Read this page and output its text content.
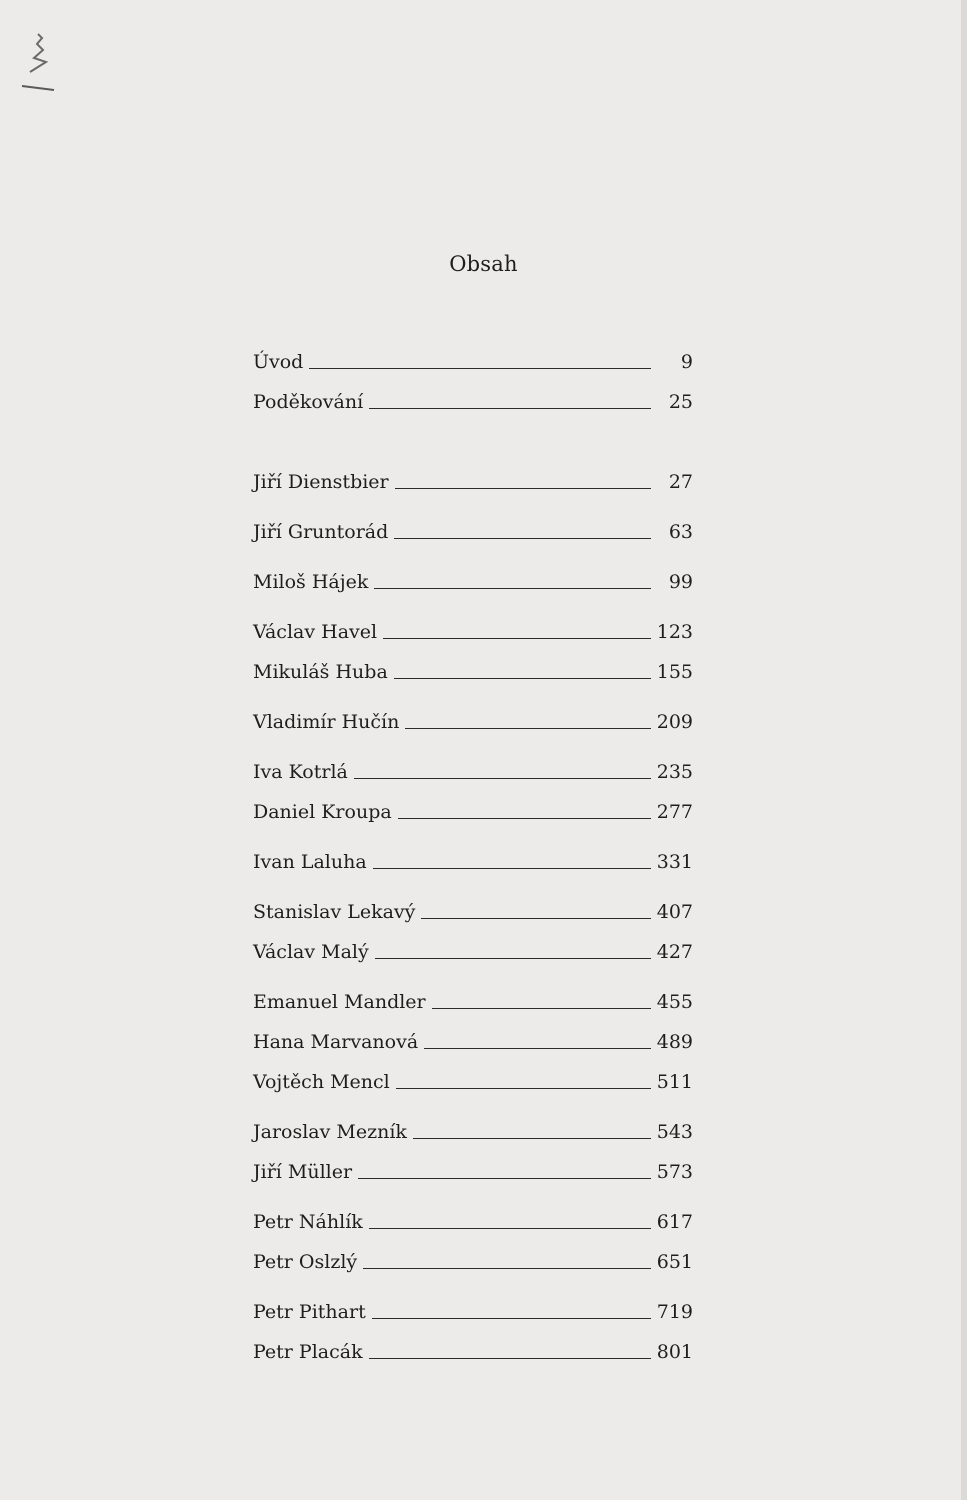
Obsah
Úvod	9
Poděkování	25
Jiří Dienstbier	27
Jiří Gruntorád	63
Miloš Hájek	99
Václav Havel	123
Mikuláš Huba	155
Vladimír Hučín	209
Iva Kotrlá	235
Daniel Kroupa	277
Ivan Laluha	331
Stanislav Lekavý	407
Václav Malý	427
Emanuel Mandler	455
Hana Marvanová	489
Vojtěch Mencl	511
Jaroslav Mezník	543
Jiří Müller	573
Petr Náhlík	617
Petr Oslzlý	651
Petr Pithart	719
Petr Placák	801
